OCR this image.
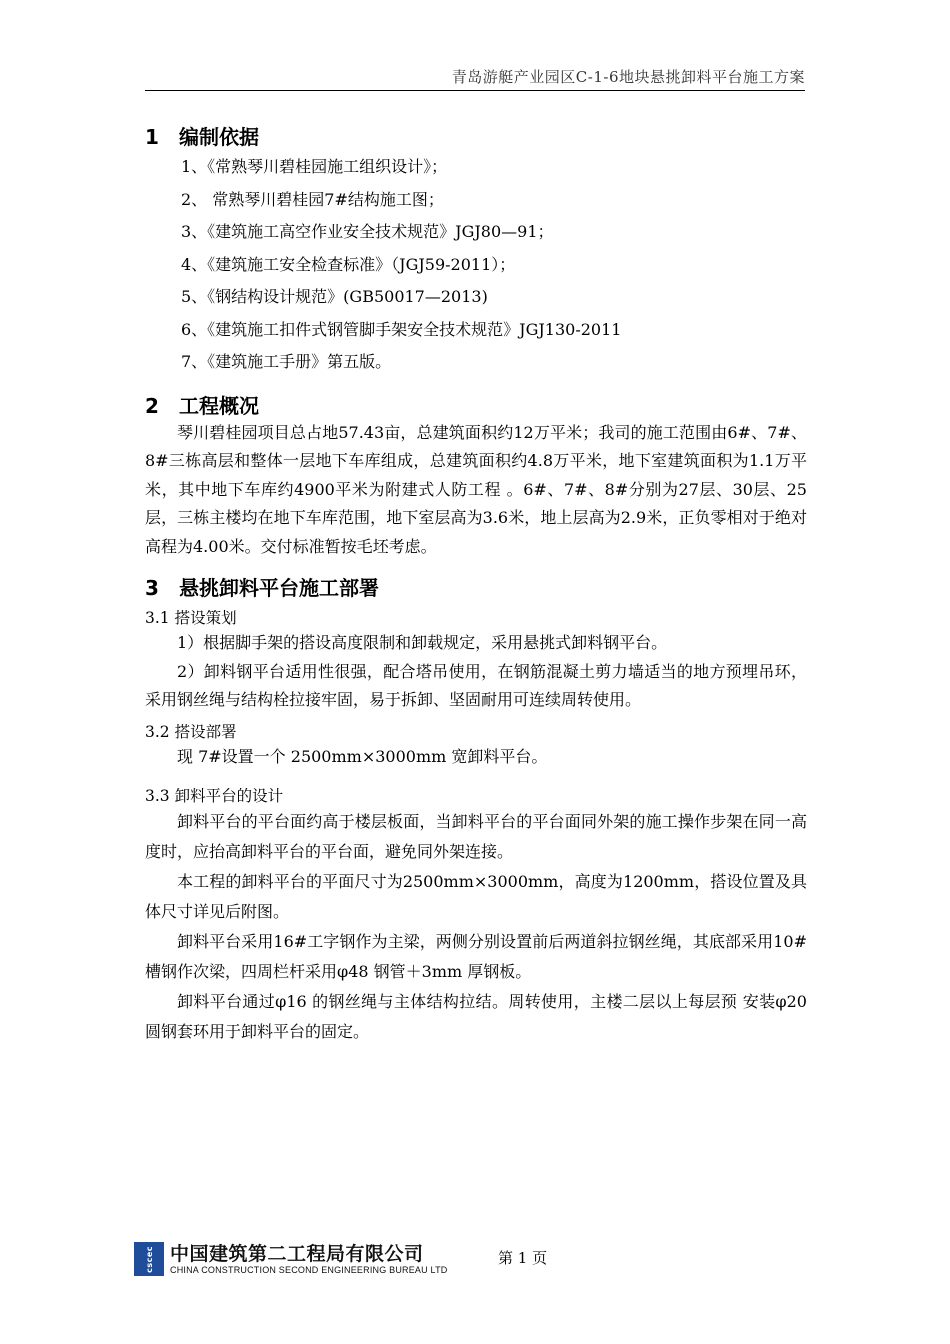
青岛游艇产业园区C-1-6地块悬挑卸料平台施工方案
1	编制依据
1、《常熟琴川碧桂园施工组织设计》；
2、 常熟琴川碧桂园7#结构施工图；
3、《建筑施工高空作业安全技术规范》JGJ80—91；
4、《建筑施工安全检查标准》（JGJ59-2011）；
5、《钢结构设计规范》(GB50017—2013)
6、《建筑施工扣件式钢管脚手架安全技术规范》JGJ130-2011
7、《建筑施工手册》第五版。
2	工程概况

琴川碧桂园项目总占地57.43亩，总建筑面积约12万平米；我司的施工范围由6#、7#、8#三栋高层和整体一层地下车库组成，总建筑面积约4.8万平米，地下室建筑面积为1.1万平米，其中地下车库约4900平米为附建式人防工程 。6#、7#、8#分别为27层、30层、25层，三栋主楼均在地下车库范围，地下室层高为3.6米，地上层高为2.9米，正负零相对于绝对高程为4.00米。交付标准暂按毛坯考虑。

3	悬挑卸料平台施工部署

3.1 搭设策划

1）根据脚手架的搭设高度限制和卸载规定，采用悬挑式卸料钢平台。

2）卸料钢平台适用性很强，配合塔吊使用，在钢筋混凝土剪力墙适当的地方预埋吊环，采用钢丝绳与结构栓拉接牢固，易于拆卸、坚固耐用可连续周转使用。

3.2 搭设部署

现 7#设置一个 2500mm×3000mm 宽卸料平台。

3.3 卸料平台的设计

卸料平台的平台面约高于楼层板面，当卸料平台的平台面同外架的施工操作步架在同一高度时，应抬高卸料平台的平台面，避免同外架连接。

本工程的卸料平台的平面尺寸为2500mm×3000mm，高度为1200mm，搭设位置及具体尺寸详见后附图。

卸料平台采用16#工字钢作为主梁，两侧分别设置前后两道斜拉钢丝绳，其底部采用10#槽钢作次梁，四周栏杆采用φ48 钢管＋3mm 厚钢板。

卸料平台通过φ16 的钢丝绳与主体结构拉结。周转使用，主楼二层以上每层预 安装φ20 圆钢套环用于卸料平台的固定。

cscec 中国建筑第二工程局有限公司
CHINA CONSTRUCTION SECOND ENGINEERING BUREAU LTD
第 1 页
